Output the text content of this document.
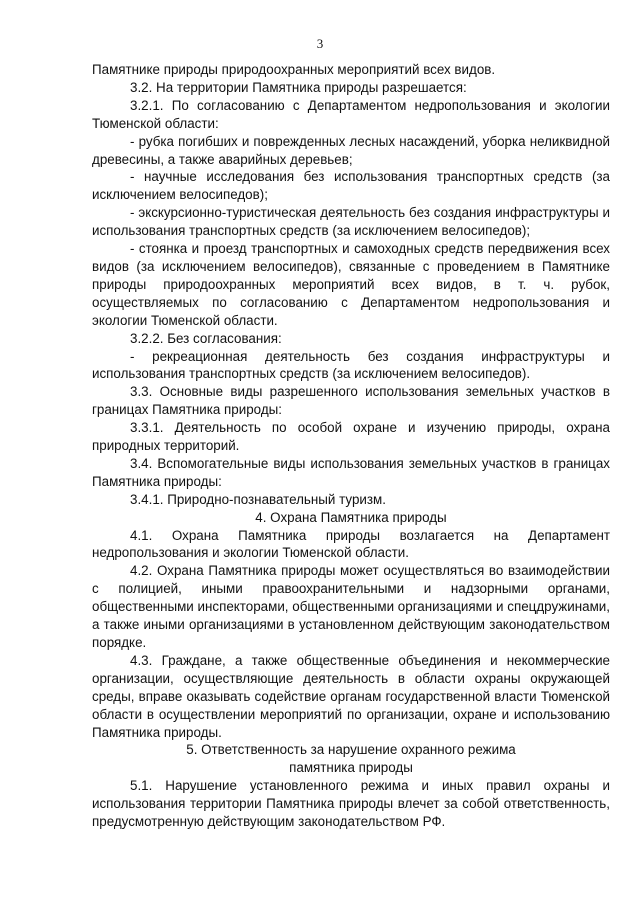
3

Памятнике природы природоохранных мероприятий всех видов.

3.2. На территории Памятника природы разрешается:

3.2.1. По согласованию с Департаментом недропользования и экологии Тюменской области:

- рубка погибших и поврежденных лесных насаждений, уборка неликвидной древесины, а также аварийных деревьев;

- научные исследования без использования транспортных средств (за исключением велосипедов);

- экскурсионно-туристическая деятельность без создания инфраструктуры и использования транспортных средств (за исключением велосипедов);

- стоянка и проезд транспортных и самоходных средств передвижения всех видов (за исключением велосипедов), связанные с проведением в Памятнике природы природоохранных мероприятий всех видов, в т. ч. рубок, осуществляемых по согласованию с Департаментом недропользования и экологии Тюменской области.

3.2.2. Без согласования:

- рекреационная деятельность без создания инфраструктуры и использования транспортных средств (за исключением велосипедов).

3.3. Основные виды разрешенного использования земельных участков в границах Памятника природы:

3.3.1. Деятельность по особой охране и изучению природы, охрана природных территорий.

3.4. Вспомогательные виды использования земельных участков в границах Памятника природы:

3.4.1. Природно-познавательный туризм.

4. Охрана Памятника природы

4.1. Охрана Памятника природы возлагается на Департамент недропользования и экологии Тюменской области.

4.2. Охрана Памятника природы может осуществляться во взаимодействии с полицией, иными правоохранительными и надзорными органами, общественными инспекторами, общественными организациями и спецдружинами, а также иными организациями в установленном действующим законодательством порядке.

4.3. Граждане, а также общественные объединения и некоммерческие организации, осуществляющие деятельность в области охраны окружающей среды, вправе оказывать содействие органам государственной власти Тюменской области в осуществлении мероприятий по организации, охране и использованию Памятника природы.

5. Ответственность за нарушение охранного режима

памятника природы

5.1. Нарушение установленного режима и иных правил охраны и использования территории Памятника природы влечет за собой ответственность, предусмотренную действующим законодательством РФ.
